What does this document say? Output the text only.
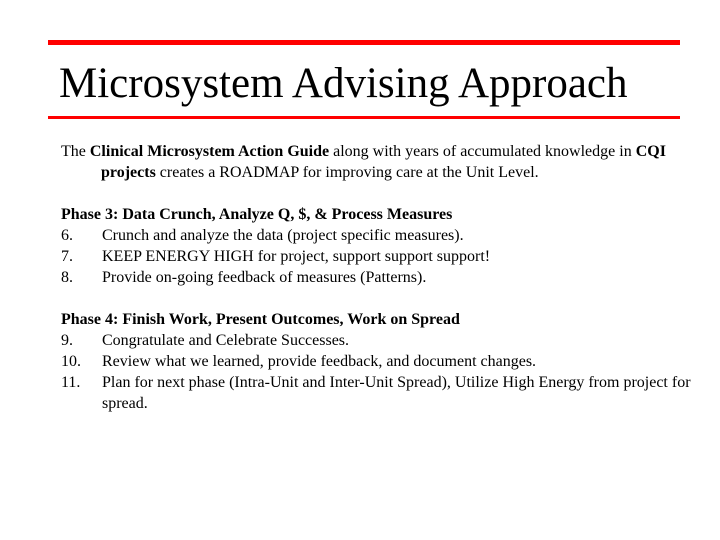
Microsystem Advising Approach

The Clinical Microsystem Action Guide along with years of accumulated knowledge in CQI projects creates a ROADMAP for improving care at the Unit Level.

Phase 3: Data Crunch, Analyze Q, $, & Process Measures

6. Crunch and analyze the data (project specific measures).

7. KEEP ENERGY HIGH for project, support support support!

8. Provide on-going feedback of measures (Patterns).

Phase 4: Finish Work, Present Outcomes, Work on Spread

9. Congratulate and Celebrate Successes.

10. Review what we learned, provide feedback, and document changes.

11. Plan for next phase (Intra-Unit and Inter-Unit Spread), Utilize High Energy from project for spread.
